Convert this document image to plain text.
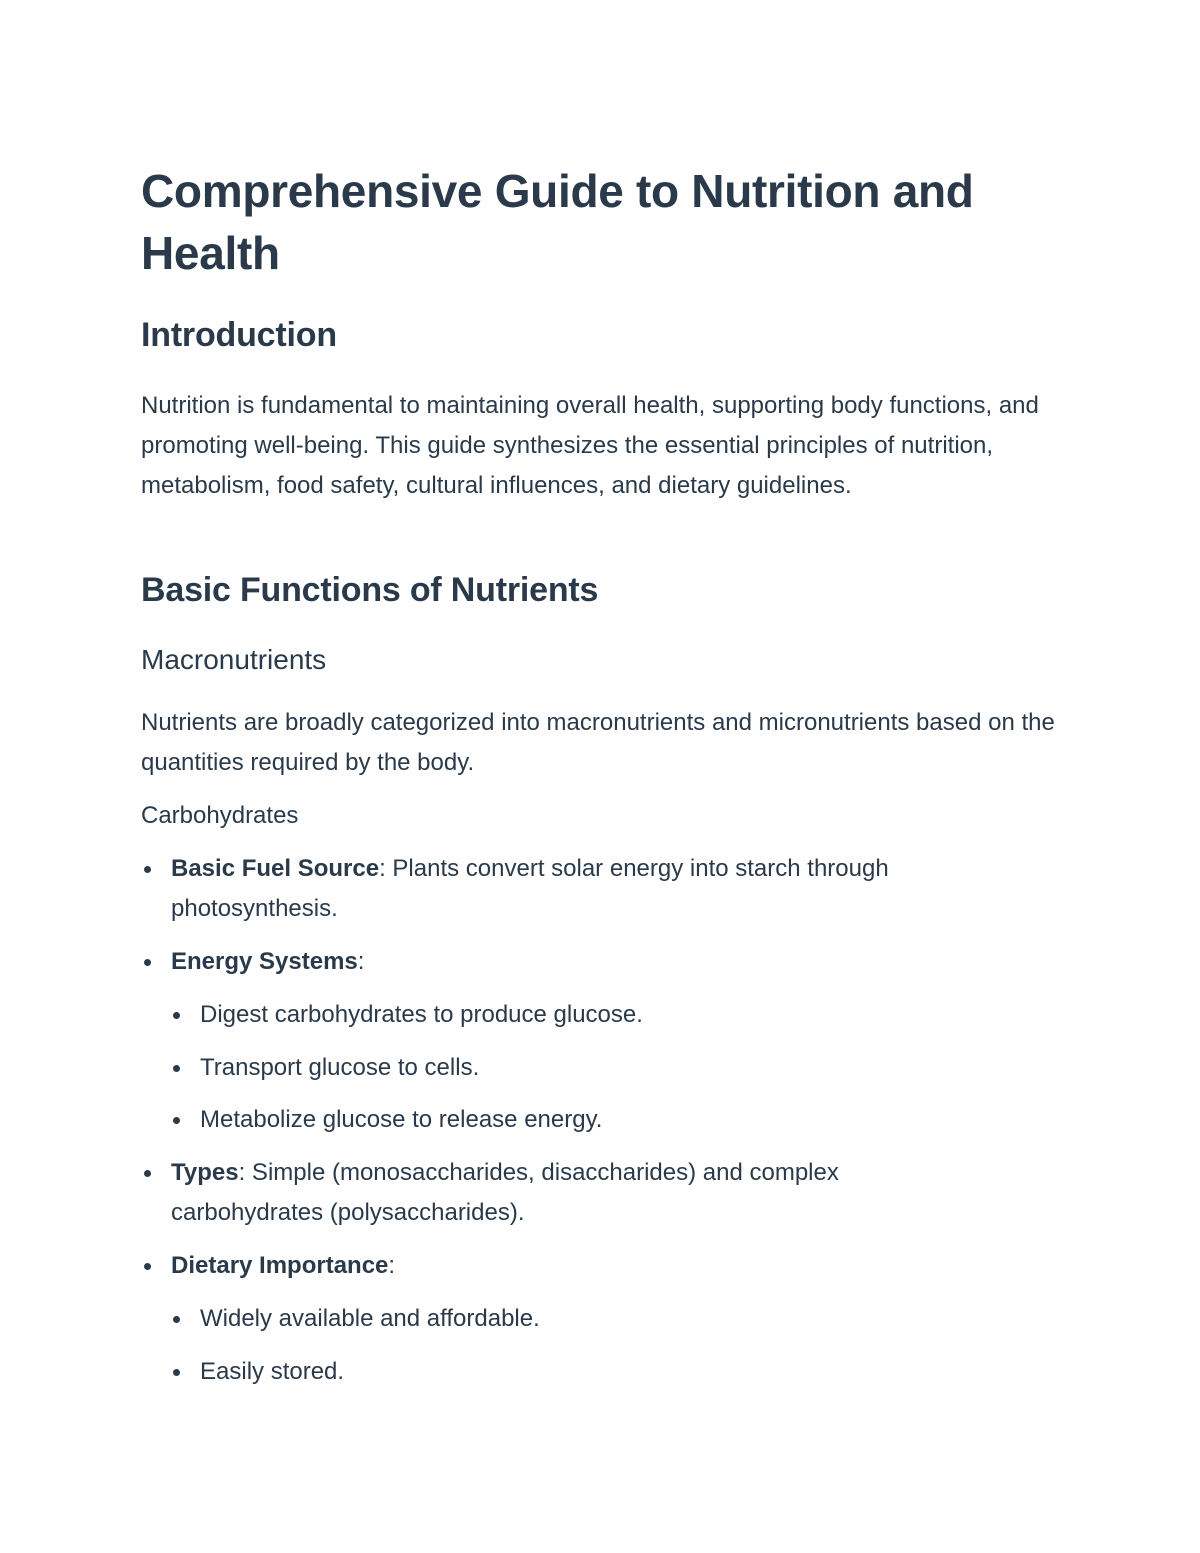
Comprehensive Guide to Nutrition and Health
Introduction

Nutrition is fundamental to maintaining overall health, supporting body functions, and promoting well-being. This guide synthesizes the essential principles of nutrition, metabolism, food safety, cultural influences, and dietary guidelines.

Basic Functions of Nutrients
Macronutrients

Nutrients are broadly categorized into macronutrients and micronutrients based on the quantities required by the body.

Carbohydrates
Basic Fuel Source: Plants convert solar energy into starch through photosynthesis.
Energy Systems:
Digest carbohydrates to produce glucose.
Transport glucose to cells.
Metabolize glucose to release energy.
Types: Simple (monosaccharides, disaccharides) and complex carbohydrates (polysaccharides).
Dietary Importance:
Widely available and affordable.
Easily stored.
